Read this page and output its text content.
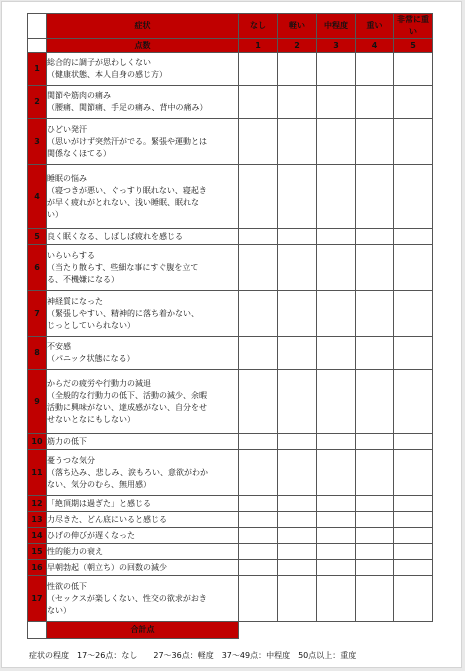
	症状	なし	軽い	中程度	重い	非常に重い
	点数	1	2	3	4	5
1	総合的に調子が思わしくない
（健康状態、本人自身の感じ方）					

2	関節や筋肉の痛み
（腰痛、関節痛、手足の痛み、背中の痛み）					

3	ひどい発汗
（思いがけず突然汗がでる。緊張や運動とは
関係なくほてる）					

4	睡眠の悩み
（寝つきが悪い、ぐっすり眠れない、寝起き
が早く疲れがとれない、浅い睡眠、眠れな
い）					

5	良く眠くなる、しばしば疲れを感じる					

6	いらいらする
（当たり散らす、些細な事にすぐ腹を立て
る、不機嫌になる）					

7	神経質になった
（緊張しやすい、精神的に落ち着かない、
じっとしていられない）					

8	不安感
（パニック状態になる）					

9	からだの疲労や行動力の減退
（全般的な行動力の低下、活動の減少、余暇
活動に興味がない、達成感がない、自分をせ
せないとなにもしない）					

10	筋力の低下					

11	憂うつな気分
（落ち込み、悲しみ、涙もろい、意欲がわか
ない、気分のむら、無用感）					

12	「絶頂期は過ぎた」と感じる					

13	力尽きた、どん底にいると感じる					

14	ひげの伸びが遅くなった					

15	性的能力の衰え					

16	早朝勃起（朝立ち）の回数の減少					

17	性欲の低下
（セックスが楽しくない、性交の欲求がおき
ない）					

	合計点					
症状の程度　17～26点：なし　　27～36点：軽度　37～49点：中程度　50点以上：重度
